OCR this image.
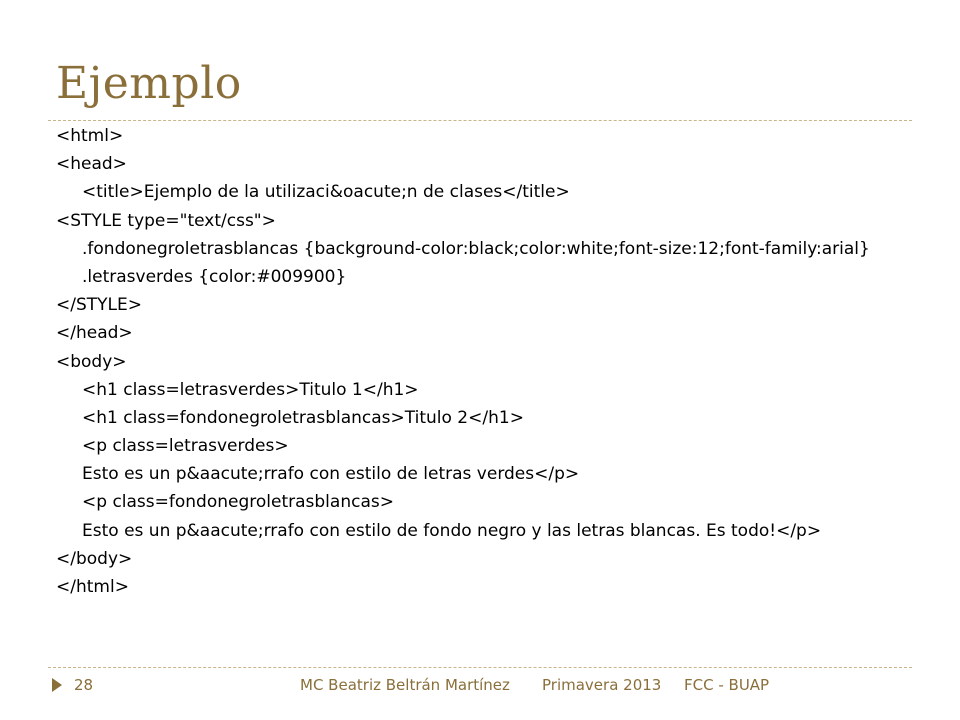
Ejemplo
<html>
<head>
<title>Ejemplo de la utilizaci&oacute;n de clases</title>
<STYLE type="text/css">
.fondonegroletrasblancas {background-color:black;color:white;font-size:12;font-family:arial}
.letrasverdes {color:#009900}
</STYLE>
</head>
<body>
<h1 class=letrasverdes>Titulo 1</h1>
<h1 class=fondonegroletrasblancas>Titulo 2</h1>
<p class=letrasverdes>
Esto es un p&aacute;rrafo con estilo de letras verdes</p>
<p class=fondonegroletrasblancas>
Esto es un p&aacute;rrafo con estilo de fondo negro y las letras blancas. Es todo!</p>
</body>
</html>
28	MC Beatriz Beltrán Martínez Primavera 2013 FCC - BUAP
